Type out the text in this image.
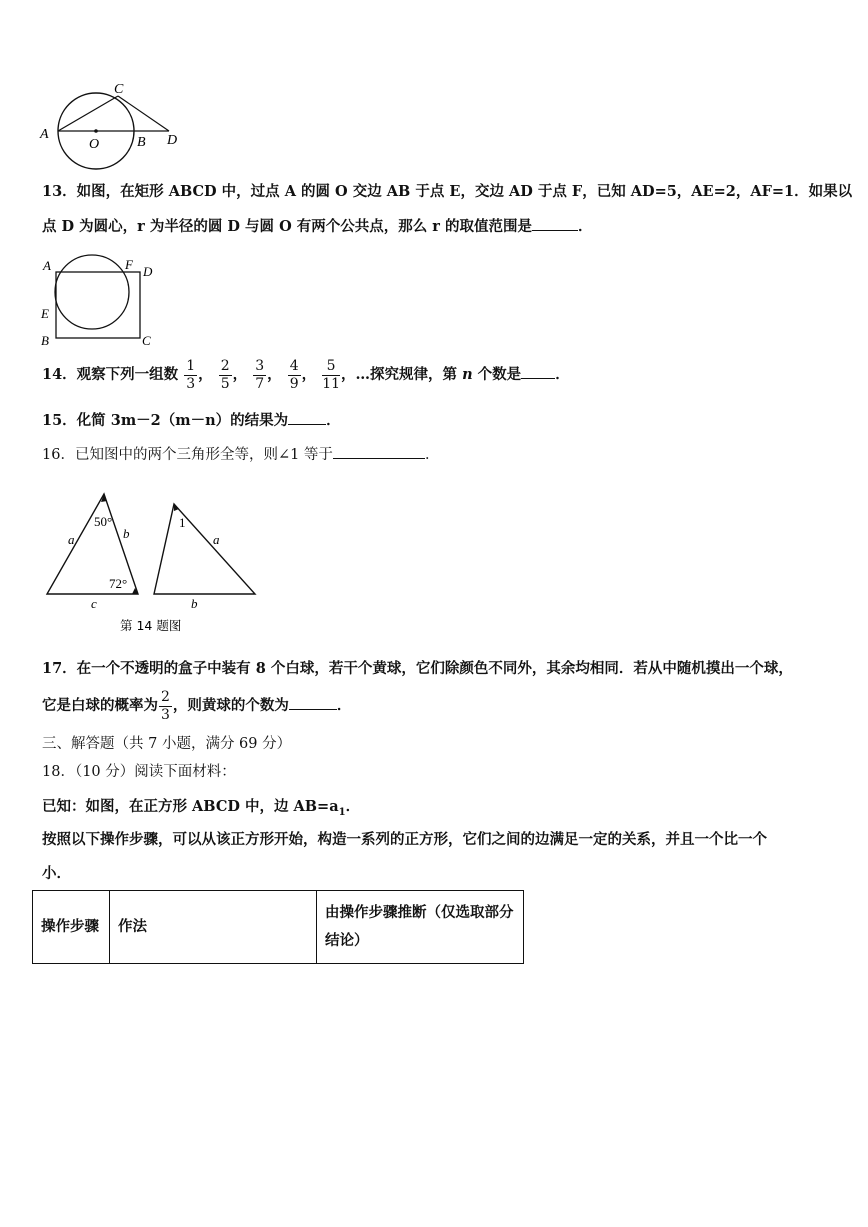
C
A
O	B D
13．如图，在矩形 ABCD 中，过点 A 的圆 O 交边 AB 于点 E，交边 AD 于点 F，已知 AD=5，AE=2，AF=1．如果以
点 D 为圆心，r 为半径的圆 D 与圆 O 有两个公共点，那么 r 的取值范围是	．
A	F D
E
B	C
14．观察下列一组数 $\frac{1}{3}$ ， $\frac{2}{5}$ ， $\frac{3}{7}$ ， $\frac{4}{9}$ ， $\frac{5}{11}$ ，…探究规律，第 n 个数是 ．
15．化简 3m－2（m－n）的结果为	．
16．已知图中的两个三角形全等，则∠1 等于	．
50°
a	b
72°
c
1
a
b
第 14 题图
17．在一个不透明的盒子中装有 8 个白球，若干个黄球，它们除颜色不同外，其余均相同．若从中随机摸出一个球，
它是白球的概率为 $\frac{2}{3}$ ，则黄球的个数为	．
三、解答题（共 7 小题，满分 69 分）
18．（10 分）阅读下面材料：
已知：如图，在正方形 ABCD 中，边 $AB=a_1$．
按照以下操作步骤，可以从该正方形开始，构造一系列的正方形，它们之间的边满足一定的关系，并且一个比一个
小．
操作步骤	作法	由操作步骤推断（仅选取部分结论）
